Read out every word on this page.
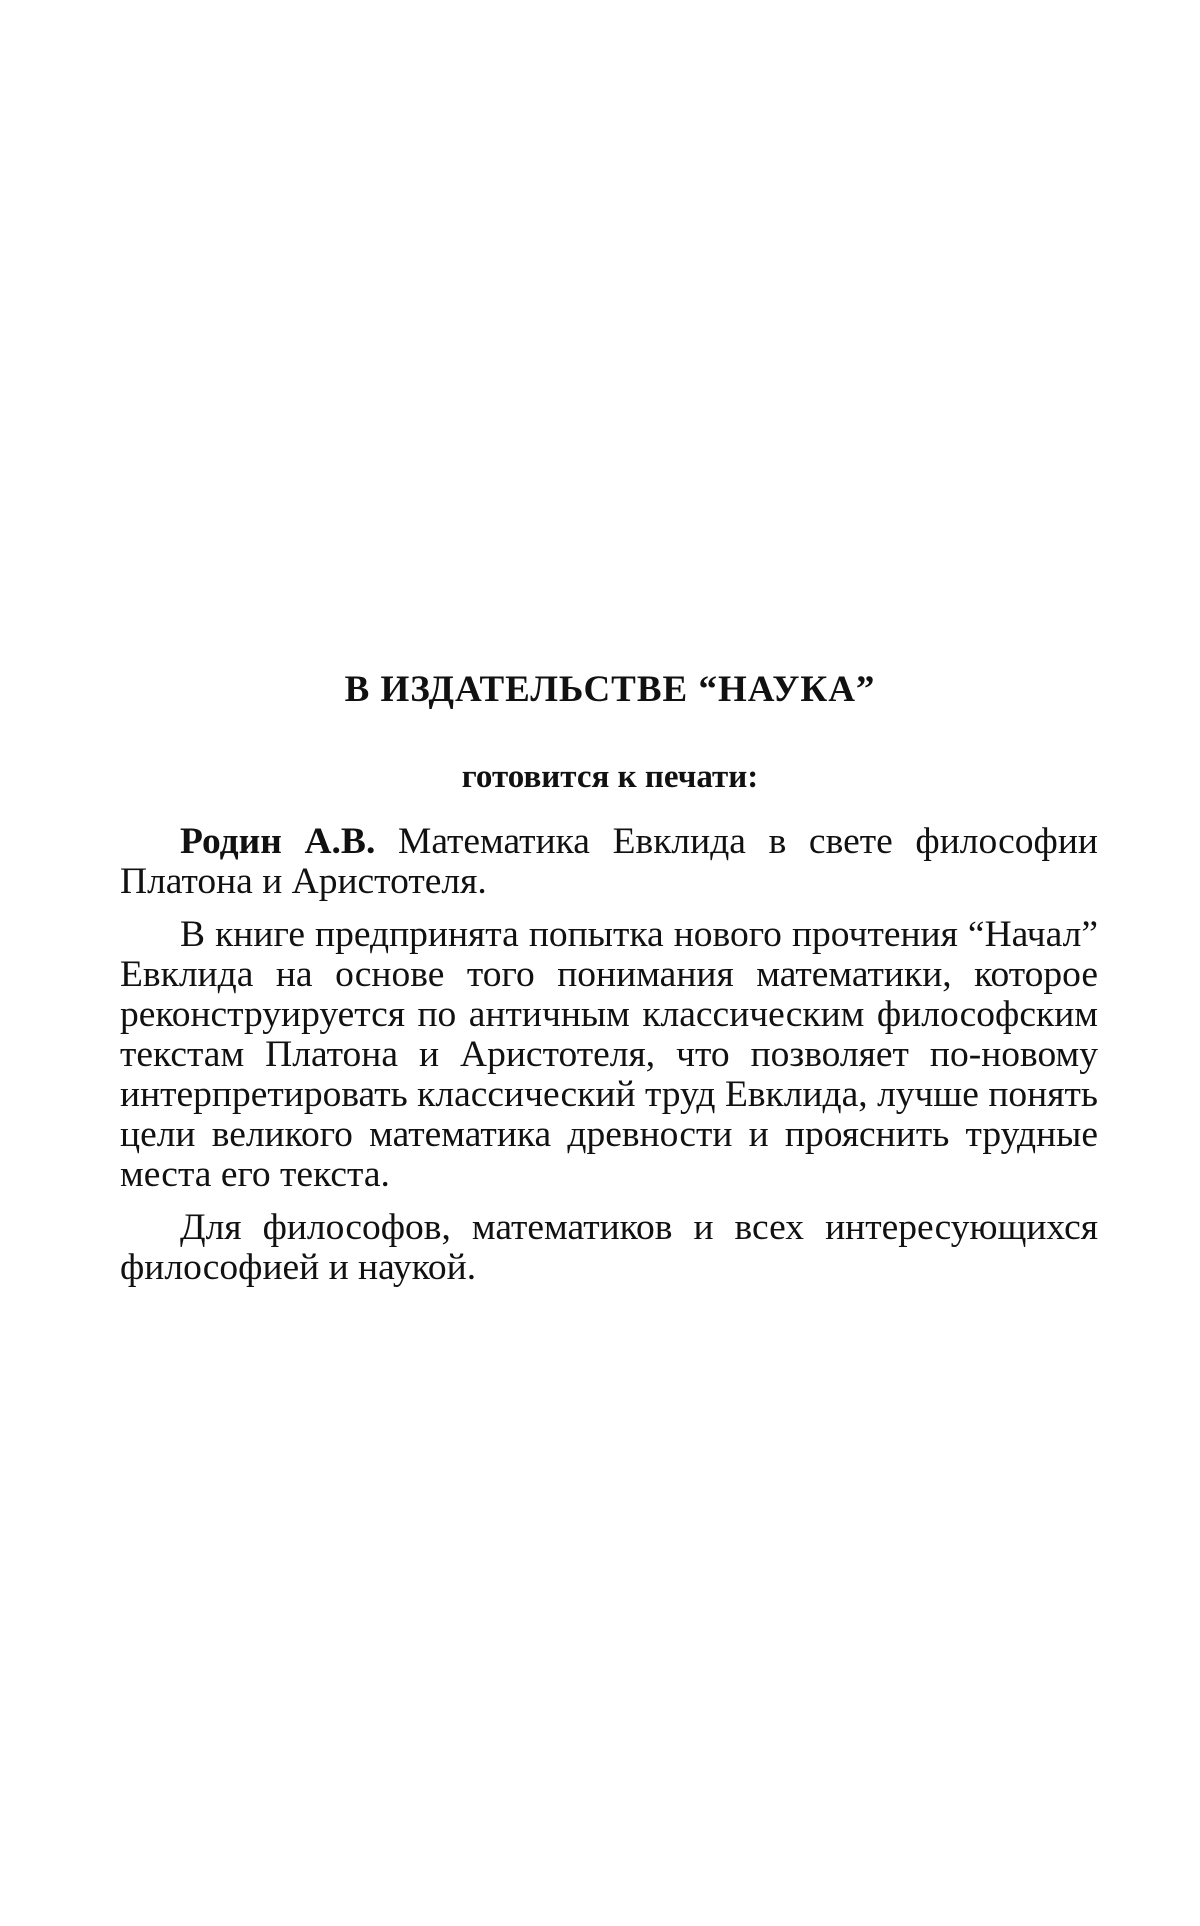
В ИЗДАТЕЛЬСТВЕ “НАУКА”
готовится к печати:

Родин А.В. Математика Евклида в свете философии Платона и Аристотеля.

В книге предпринята попытка нового прочтения “Начал” Евклида на основе того понимания математики, которое реконструируется по античным классическим философским текстам Платона и Аристотеля, что позволяет по-новому интерпретировать классический труд Евклида, лучше понять цели великого математика древности и прояснить трудные места его текста.

Для философов, математиков и всех интересующихся философией и наукой.
